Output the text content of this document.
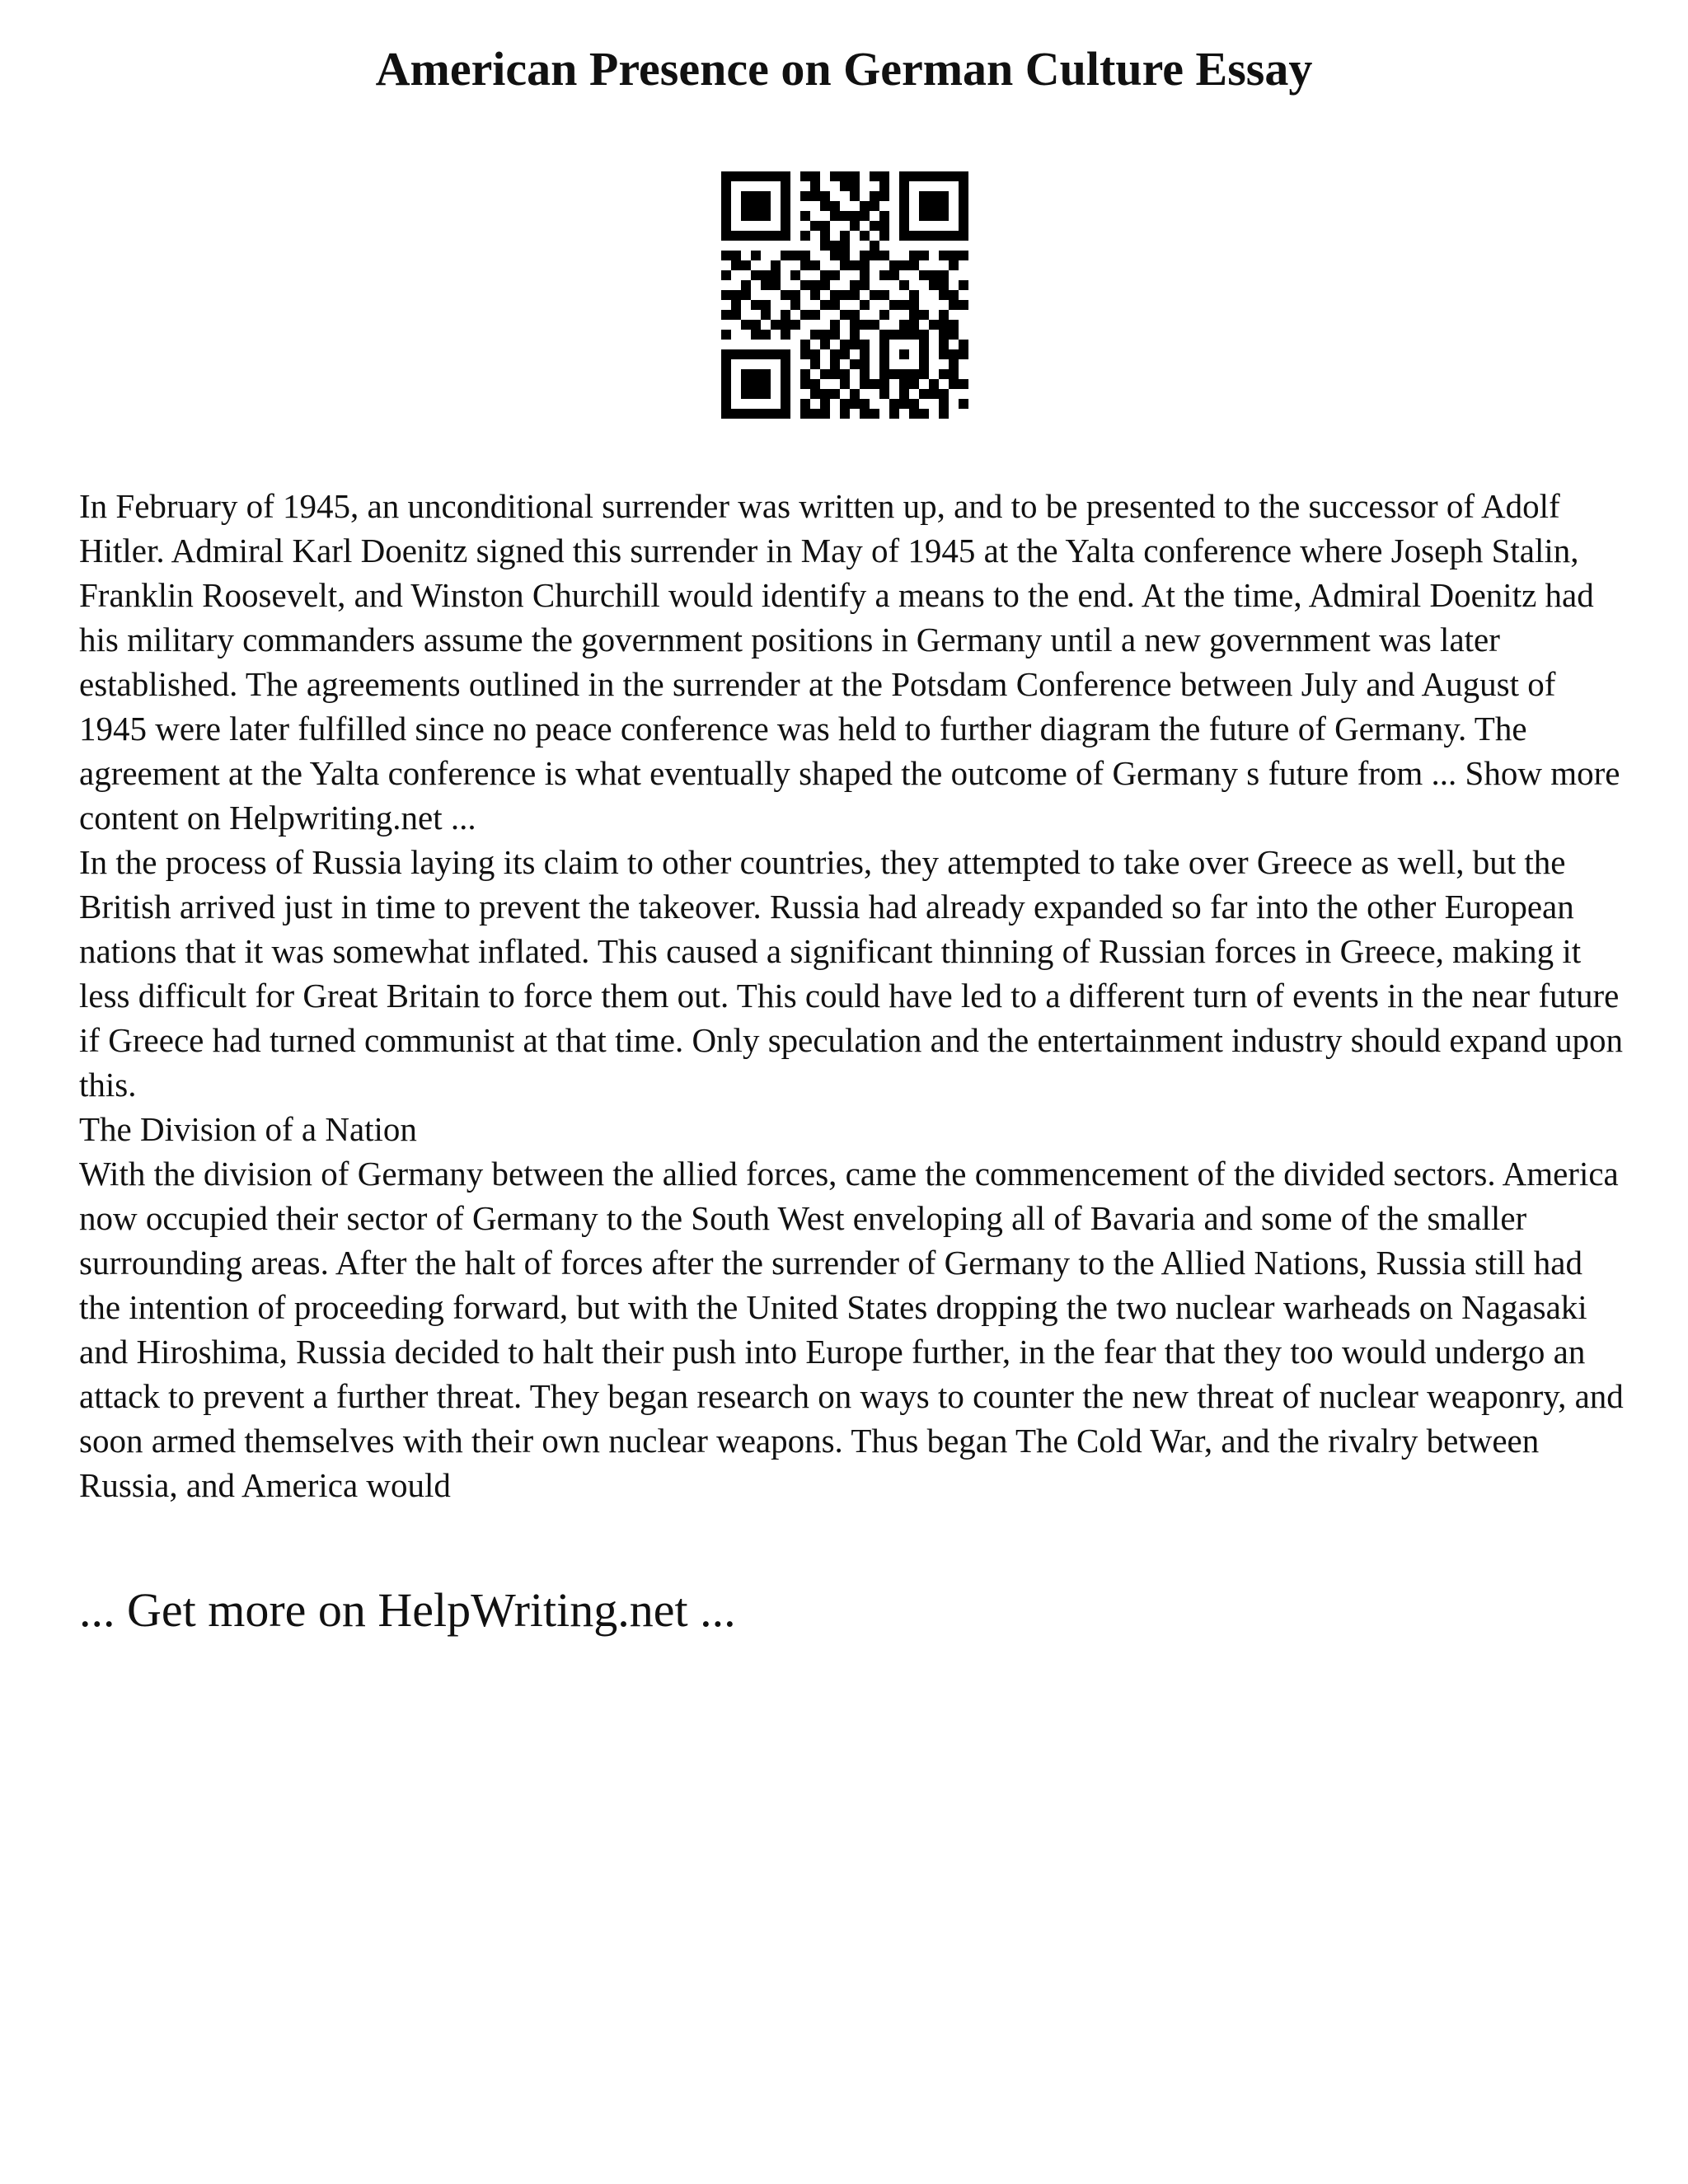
American Presence on German Culture Essay

In February of 1945, an unconditional surrender was written up, and to be presented to the successor of Adolf Hitler. Admiral Karl Doenitz signed this surrender in May of 1945 at the Yalta conference where Joseph Stalin, Franklin Roosevelt, and Winston Churchill would identify a means to the end. At the time, Admiral Doenitz had his military commanders assume the government positions in Germany until a new government was later established. The agreements outlined in the surrender at the Potsdam Conference between July and August of 1945 were later fulfilled since no peace conference was held to further diagram the future of Germany. The agreement at the Yalta conference is what eventually shaped the outcome of Germany s future from ... Show more content on Helpwriting.net ...

In the process of Russia laying its claim to other countries, they attempted to take over Greece as well, but the British arrived just in time to prevent the takeover. Russia had already expanded so far into the other European nations that it was somewhat inflated. This caused a significant thinning of Russian forces in Greece, making it less difficult for Great Britain to force them out. This could have led to a different turn of events in the near future if Greece had turned communist at that time. Only speculation and the entertainment industry should expand upon this.

The Division of a Nation

With the division of Germany between the allied forces, came the commencement of the divided sectors. America now occupied their sector of Germany to the South West enveloping all of Bavaria and some of the smaller surrounding areas. After the halt of forces after the surrender of Germany to the Allied Nations, Russia still had the intention of proceeding forward, but with the United States dropping the two nuclear warheads on Nagasaki and Hiroshima, Russia decided to halt their push into Europe further, in the fear that they too would undergo an attack to prevent a further threat. They began research on ways to counter the new threat of nuclear weaponry, and soon armed themselves with their own nuclear weapons. Thus began The Cold War, and the rivalry between Russia, and America would

... Get more on HelpWriting.net ...
